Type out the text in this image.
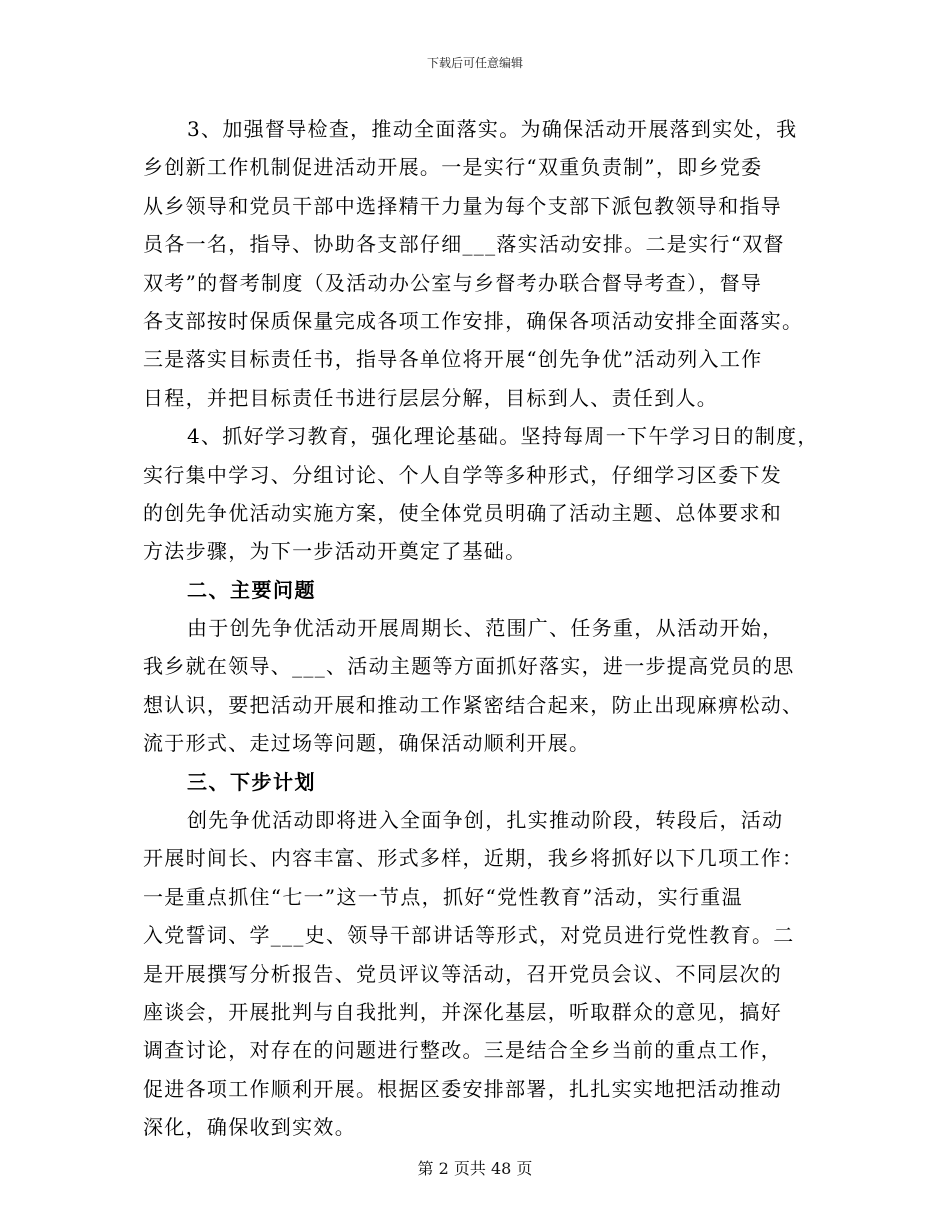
下载后可任意编辑
3、加强督导检查，推动全面落实。为确保活动开展落到实处，我
乡创新工作机制促进活动开展。一是实行“双重负责制”，即乡党委
从乡领导和党员干部中选择精干力量为每个支部下派包教领导和指导
员各一名，指导、协助各支部仔细___落实活动安排。二是实行“双督
双考”的督考制度（及活动办公室与乡督考办联合督导考查），督导
各支部按时保质保量完成各项工作安排，确保各项活动安排全面落实。
三是落实目标责任书，指导各单位将开展“创先争优”活动列入工作
日程，并把目标责任书进行层层分解，目标到人、责任到人。
4、抓好学习教育，强化理论基础。坚持每周一下午学习日的制度，
实行集中学习、分组讨论、个人自学等多种形式，仔细学习区委下发
的创先争优活动实施方案，使全体党员明确了活动主题、总体要求和
方法步骤，为下一步活动开奠定了基础。
二、主要问题
由于创先争优活动开展周期长、范围广、任务重，从活动开始，
我乡就在领导、___、活动主题等方面抓好落实，进一步提高党员的思
想认识，要把活动开展和推动工作紧密结合起来，防止出现麻痹松动、
流于形式、走过场等问题，确保活动顺利开展。
三、下步计划
创先争优活动即将进入全面争创，扎实推动阶段，转段后，活动
开展时间长、内容丰富、形式多样，近期，我乡将抓好以下几项工作：
一是重点抓住“七一”这一节点，抓好“党性教育”活动，实行重温
入党誓词、学___史、领导干部讲话等形式，对党员进行党性教育。二
是开展撰写分析报告、党员评议等活动，召开党员会议、不同层次的
座谈会，开展批判与自我批判，并深化基层，听取群众的意见，搞好
调查讨论，对存在的问题进行整改。三是结合全乡当前的重点工作，
促进各项工作顺利开展。根据区委安排部署，扎扎实实地把活动推动
深化，确保收到实效。
第 2 页共 48 页
